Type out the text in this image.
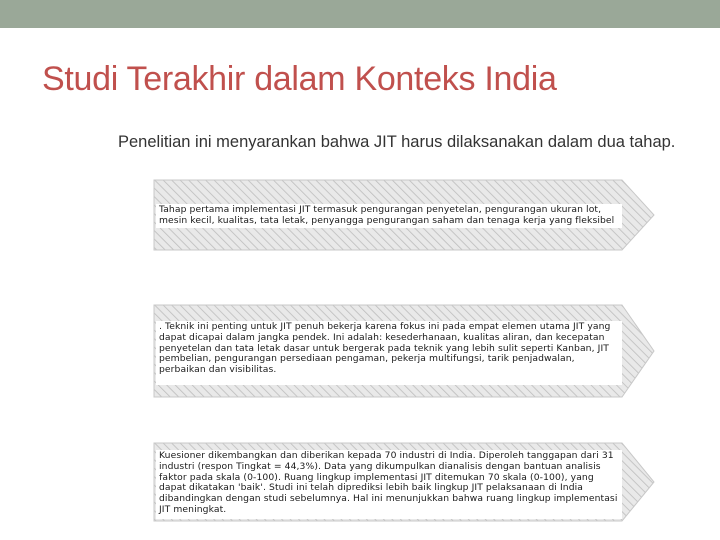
Studi Terakhir dalam Konteks India

Penelitian ini menyarankan bahwa JIT harus dilaksanakan dalam dua tahap.

Tahap pertama implementasi JIT termasuk pengurangan penyetelan, pengurangan ukuran lot, mesin kecil, kualitas, tata letak, penyangga pengurangan saham dan tenaga kerja yang fleksibel
. Teknik ini penting untuk JIT penuh bekerja karena fokus ini pada empat elemen utama JIT yang dapat dicapai dalam jangka pendek. Ini adalah: kesederhanaan, kualitas aliran, dan kecepatan penyetelan dan tata letak dasar untuk bergerak pada teknik yang lebih sulit seperti Kanban, JIT pembelian, pengurangan persediaan pengaman, pekerja multifungsi, tarik penjadwalan, perbaikan dan visibilitas.
Kuesioner dikembangkan dan diberikan kepada 70 industri di India. Diperoleh tanggapan dari 31 industri (respon Tingkat = 44,3%). Data yang dikumpulkan dianalisis dengan bantuan analisis faktor pada skala (0-100). Ruang lingkup implementasi JIT ditemukan 70 skala (0-100), yang dapat dikatakan 'baik'. Studi ini telah diprediksi lebih baik lingkup JIT pelaksanaan di India dibandingkan dengan studi sebelumnya. Hal ini menunjukkan bahwa ruang lingkup implementasi JIT meningkat.
